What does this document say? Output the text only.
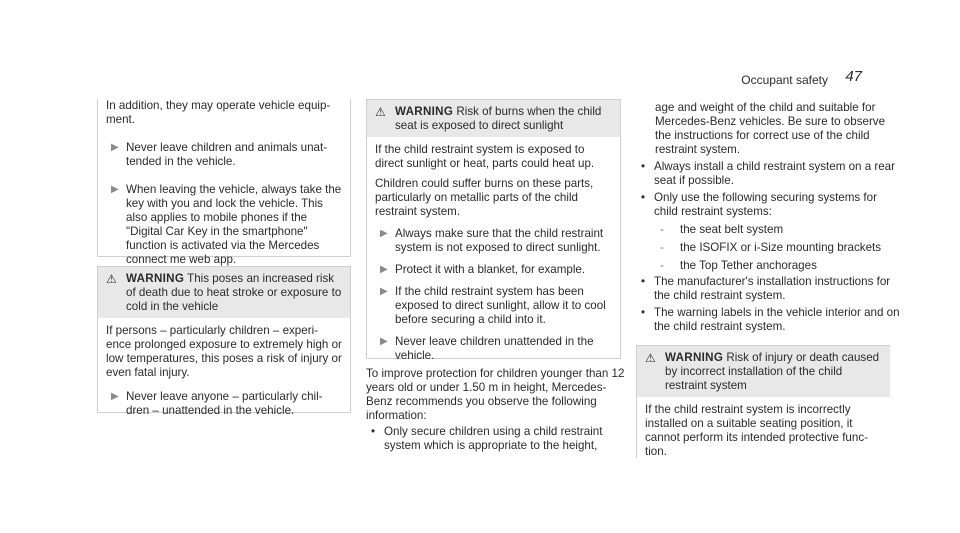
Occupant safety 47

In addition, they may operate vehicle equip-ment.

▶ Never leave children and animals unat-tended in the vehicle.
▶ When leaving the vehicle, always take the key with you and lock the vehicle. This also applies to mobile phones if the "Digital Car Key in the smartphone" function is activated via the Mercedes connect me web app.
⚠ WARNING This poses an increased risk of death due to heat stroke or exposure to cold in the vehicle

If persons – particularly children – experi-ence prolonged exposure to extremely high or low temperatures, this poses a risk of injury or even fatal injury.

▶ Never leave anyone – particularly chil-dren – unattended in the vehicle.
⚠ WARNING Risk of burns when the child seat is exposed to direct sunlight

If the child restraint system is exposed to direct sunlight or heat, parts could heat up.

Children could suffer burns on these parts, particularly on metallic parts of the child restraint system.

▶ Always make sure that the child restraint system is not exposed to direct sunlight.
▶ Protect it with a blanket, for example.
▶ If the child restraint system has been exposed to direct sunlight, allow it to cool before securing a child into it.
▶ Never leave children unattended in the vehicle.

To improve protection for children younger than 12 years old or under 1.50 m in height, Mercedes-Benz recommends you observe the following information:

• Only secure children using a child restraint system which is appropriate to the height,

age and weight of the child and suitable for Mercedes-Benz vehicles. Be sure to observe the instructions for correct use of the child restraint system.

• Always install a child restraint system on a rear seat if possible.
• Only use the following securing systems for child restraint systems:
-	the seat belt system
-	the ISOFIX or i-Size mounting brackets
-	the Top Tether anchorages
• The manufacturer's installation instructions for the child restraint system.
• The warning labels in the vehicle interior and on the child restraint system.
⚠ WARNING Risk of injury or death caused by incorrect installation of the child restraint system

If the child restraint system is incorrectly installed on a suitable seating position, it cannot perform its intended protective func-tion.
